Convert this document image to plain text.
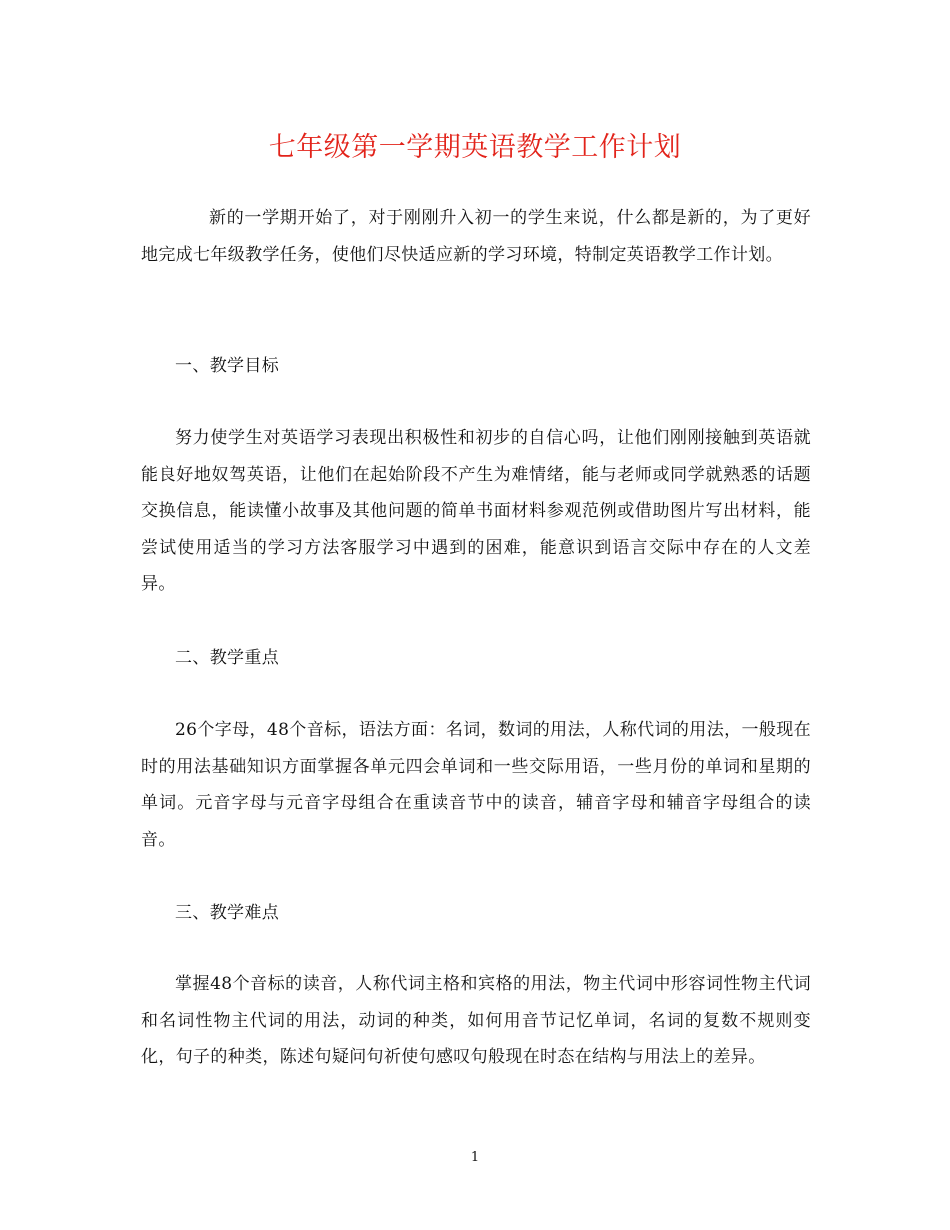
七年级第一学期英语教学工作计划

新的一学期开始了，对于刚刚升入初一的学生来说，什么都是新的，为了更好地完成七年级教学任务，使他们尽快适应新的学习环境，特制定英语教学工作计划。

一、教学目标

努力使学生对英语学习表现出积极性和初步的自信心吗，让他们刚刚接触到英语就能良好地奴驾英语，让他们在起始阶段不产生为难情绪，能与老师或同学就熟悉的话题交换信息，能读懂小故事及其他问题的简单书面材料参观范例或借助图片写出材料，能尝试使用适当的学习方法客服学习中遇到的困难，能意识到语言交际中存在的人文差异。

二、教学重点

26个字母，48个音标，语法方面：名词，数词的用法，人称代词的用法，一般现在时的用法基础知识方面掌握各单元四会单词和一些交际用语，一些月份的单词和星期的单词。元音字母与元音字母组合在重读音节中的读音，辅音字母和辅音字母组合的读音。

三、教学难点

掌握48个音标的读音，人称代词主格和宾格的用法，物主代词中形容词性物主代词和名词性物主代词的用法，动词的种类，如何用音节记忆单词，名词的复数不规则变化，句子的种类，陈述句疑问句祈使句感叹句般现在时态在结构与用法上的差异。

1
